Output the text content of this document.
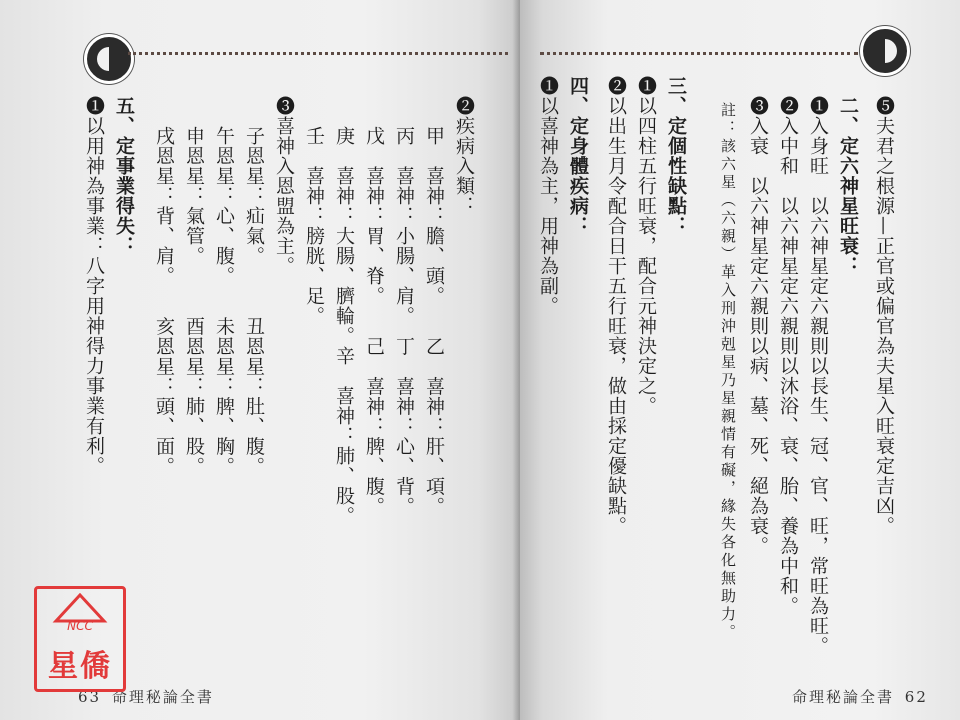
❷疾病入類：
甲　喜神：膽、頭。　　乙　喜神：肝、項。
丙　喜神：小腸、肩。　丁　喜神：心、背。
戊　喜神：胃、脊。　　己　喜神：脾、腹。
庚　喜神：大腸、臍輪。辛　喜神：肺、股。
壬　喜神：膀胱、足。
❸喜神入恩盟為主。
子恩星：疝氣。　　　丑恩星：肚、腹。
午恩星：心、腹。　　未恩星：脾、胸。
申恩星：氣管。　　　酉恩星：肺、股。
戌恩星：背、肩。　　亥恩星：頭、面。
五、定事業得失：
❶以用神為事業：八字用神得力事業有利。
63 命理秘論全書
NCC
星僑
❺夫君之根源—正官或偏官為夫星入旺衰定吉凶。
二、定六神星旺衰：
❶入身旺　以六神星定六親則以長生、冠、官、旺，常旺為旺。
❷入中和　以六神星定六親則以沐浴、衰、胎、養為中和。
❸入衰　以六神星定六親則以病、墓、死、絕為衰。
註：該六星（六親）革入刑沖剋星乃星親情有礙，緣失各化無助力。
三、定個性缺點：
❶以四柱五行旺衰，配合元神決定之。
❷以出生月令配合日干五行旺衰，做由採定優缺點。
四、定身體疾病：
❶以喜神為主，用神為副。
命理秘論全書 62
